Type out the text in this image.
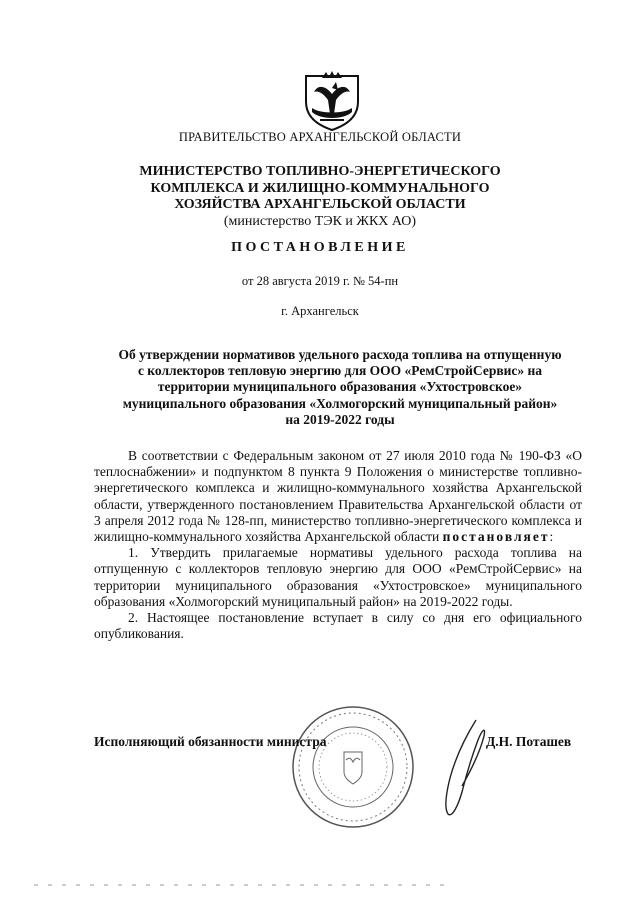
ПРАВИТЕЛЬСТВО АРХАНГЕЛЬСКОЙ ОБЛАСТИ
МИНИСТЕРСТВО ТОПЛИВНО-ЭНЕРГЕТИЧЕСКОГО
КОМПЛЕКСА И ЖИЛИЩНО-КОММУНАЛЬНОГО
ХОЗЯЙСТВА АРХАНГЕЛЬСКОЙ ОБЛАСТИ
(министерство ТЭК и ЖКХ АО)
ПОСТАНОВЛЕНИЕ
от 28 августа 2019 г. № 54-пн
г. Архангельск
Об утверждении нормативов удельного расхода топлива на отпущенную
с коллекторов тепловую энергию для ООО «РемСтройСервис» на
территории муниципального образования «Ухтостровское»
муниципального образования «Холмогорский муниципальный район»
на 2019-2022 годы

В соответствии с Федеральным законом от 27 июля 2010 года № 190-ФЗ «О теплоснабжении» и подпунктом 8 пункта 9 Положения о министерстве топливно-энергетического комплекса и жилищно-коммунального хозяйства Архангельской области, утвержденного постановлением Правительства Архангельской области от 3 апреля 2012 года № 128-пп, министерство топливно-энергетического комплекса и жилищно-коммунального хозяйства Архангельской области постановляет:

1. Утвердить прилагаемые нормативы удельного расхода топлива на отпущенную с коллекторов тепловую энергию для ООО «РемСтройСервис» на территории муниципального образования «Ухтостровское» муниципального образования «Холмогорский муниципальный район» на 2019-2022 годы.

2. Настоящее постановление вступает в силу со дня его официального опубликования.

Исполняющий обязанности министра	Д.Н. Поташев
